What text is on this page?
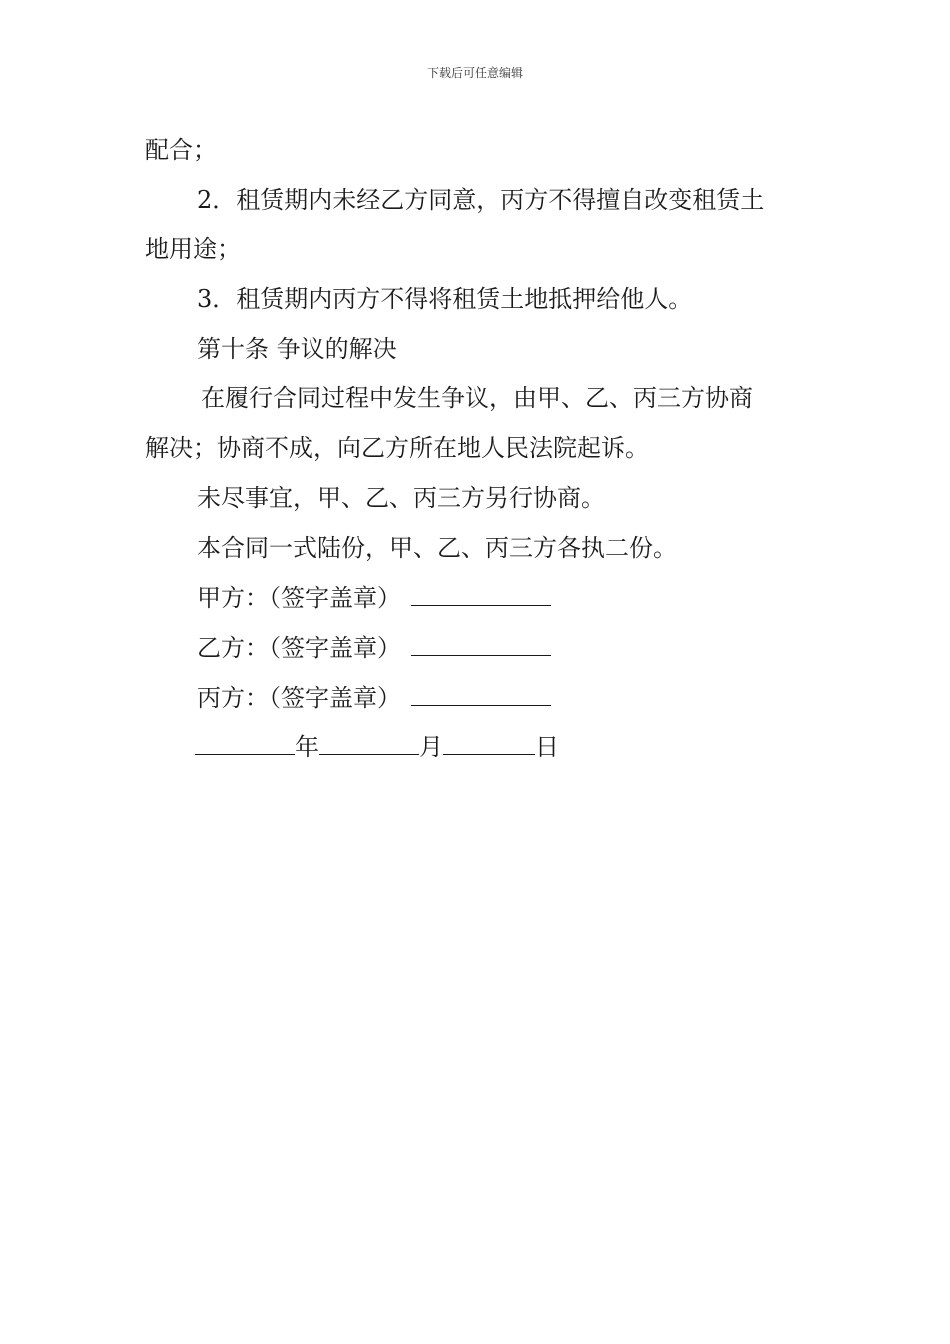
下载后可任意编辑
配合；
2．租赁期内未经乙方同意，丙方不得擅自改变租赁土
地用途；
3．租赁期内丙方不得将租赁土地抵押给他人。
第十条 争议的解决
在履行合同过程中发生争议，由甲、乙、丙三方协商
解决；协商不成，向乙方所在地人民法院起诉。
未尽事宜，甲、乙、丙三方另行协商。
本合同一式陆份，甲、乙、丙三方各执二份。
甲方：（签字盖章）
乙方：（签字盖章）
丙方：（签字盖章）
年	月	日
